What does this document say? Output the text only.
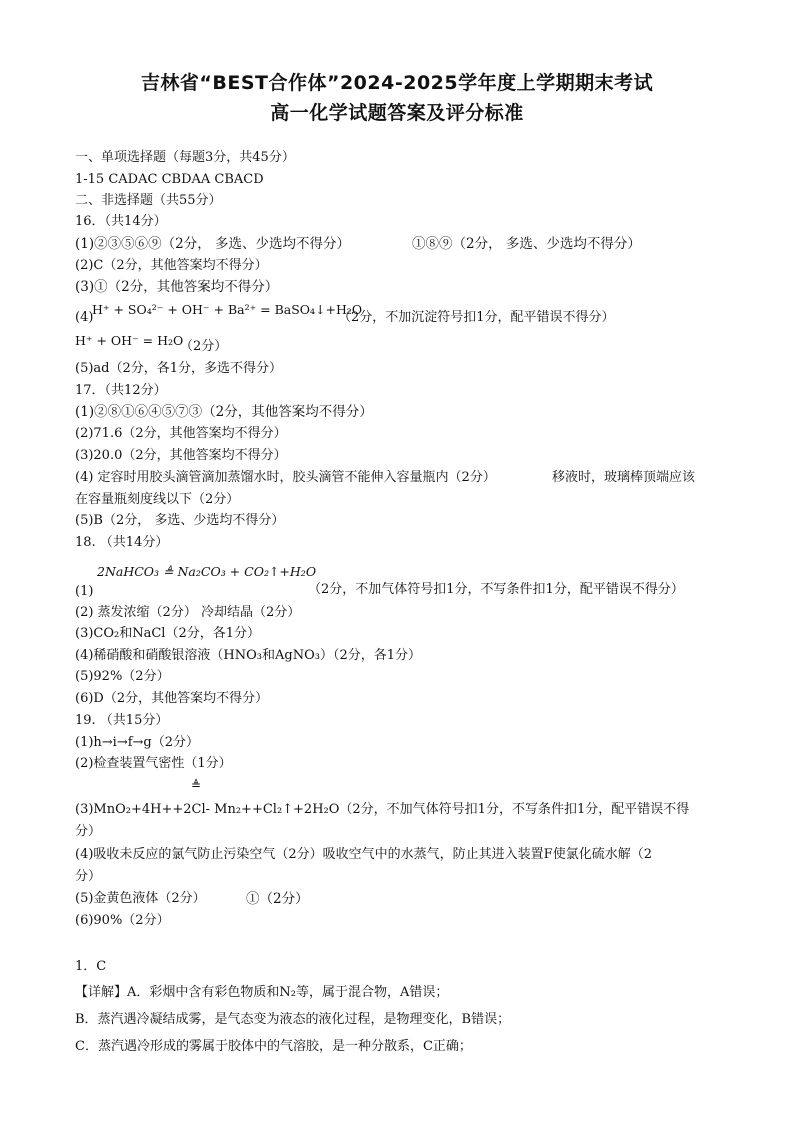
吉林省“BEST合作体”2024-2025学年度上学期期末考试
高一化学试题答案及评分标准
一、单项选择题（每题3分，共45分）
1-15 CADAC CBDAA CBACD
二、非选择题（共55分）
16．（共14分）
(1)②③⑤⑥⑨（2分， 多选、少选均不得分）	①⑧⑨（2分， 多选、少选均不得分）
(2)C（2分，其他答案均不得分）
(3)①（2分，其他答案均不得分）
(4)
H⁺ + SO₄²⁻ + OH⁻ + Ba²⁺ = BaSO₄↓+H₂O
（2分，不加沉淀符号扣1分，配平错误不得分）
H⁺ + OH⁻ = H₂O
（2分）
(5)ad（2分，各1分，多选不得分）
17．（共12分）
(1)②⑧①⑥④⑤⑦③（2分，其他答案均不得分）
(2)71.6（2分，其他答案均不得分）
(3)20.0（2分，其他答案均不得分）
(4) 定容时用胶头滴管滴加蒸馏水时，胶头滴管不能伸入容量瓶内（2分）	移液时，玻璃棒顶端应该
在容量瓶刻度线以下（2分）
(5)B（2分， 多选、少选均不得分）
18. （共14分）
2NaHCO₃ ≜ Na₂CO₃ + CO₂↑+H₂O
(1)	（2分，不加气体符号扣1分，不写条件扣1分，配平错误不得分）
(2) 蒸发浓缩（2分） 冷却结晶（2分）
(3)CO₂和NaCl（2分，各1分）
(4)稀硝酸和硝酸银溶液（HNO₃和AgNO₃）（2分，各1分）
(5)92%（2分）
(6)D（2分，其他答案均不得分）
19. （共15分）
(1)h→i→f→g（2分）
(2)检查装置气密性（1分）
≜
(3)MnO₂+4H++2Cl- Mn₂++Cl₂↑+2H₂O（2分，不加气体符号扣1分，不写条件扣1分，配平错误不得
分）
(4)吸收未反应的氯气防止污染空气（2分）吸收空气中的水蒸气，防止其进入装置F使氯化硫水解（2
分）
(5)金黄色液体（2分）	①（2分）
(6)90%（2分）
1．C
【详解】A．彩烟中含有彩色物质和N₂等，属于混合物，A错误；
B．蒸汽遇冷凝结成雾，是气态变为液态的液化过程，是物理变化，B错误；
C．蒸汽遇冷形成的雾属于胶体中的气溶胶，是一种分散系，C正确；
